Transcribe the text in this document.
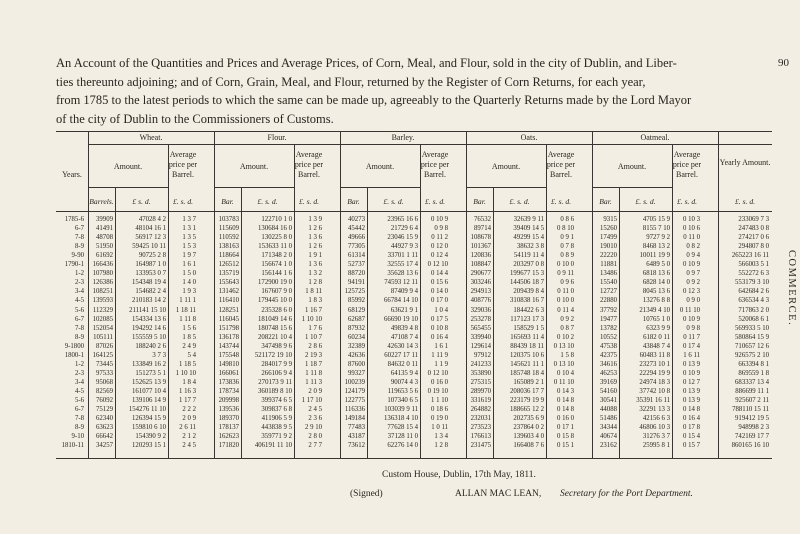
90
COMMERCE.
An Account of the Quantities and Prices and Average Prices, of Corn, Meal, and Flour, sold in the city of Dublin, and Liber-
ties thereunto adjoining; and of Corn, Grain, Meal, and Flour, returned by the Register of Corn Returns, for each year,
from 1785 to the latest periods to which the same can be made up, agreeably to the Quarterly Returns made by the Lord Mayor
of the city of Dublin to the Commissioners of Customs.
Years.
Wheat.
Amount.
Average price per Barrel.
Barrels.	£ s. d.	£. s. d.
Flour.
Amount.
Average price per Barrel.
Bar.	£. s. d.	£. s. d.
Barley.
Amount.
Average price per Barrel.
Bar.	£. s. d.	£. s. d.
Oats.
Amount.
Average price per Barrel.
Bar.	£. s. d.	£. s. d.
Oatmeal.
Amount.
Average price per Barrel.
Bar.	£. s. d.	£. s. d.
Yearly Amount.
£. s. d.
1785-6	39909	47028 4 2	1 3 7	103783	122710 1 0	1 3 9	40273	23965 16 6	0 10 9	76532	32639 9 11	0 8 6	9315	4705 15 9	0 10 3	233069 7 3
6-7	41491	48104 16 1	1 3 1	115609	130684 16 0	1 2 6	45442	21729 6 4	0 9 8	89714	39409 14 5	0 8 10	15260	8155 7 10	0 10 6	247483 0 8
7-8	48708	56917 12 3	1 3 5	110592	130225 8 0	1 3 6	49666	23046 15 9	0 11 2	108678	49299 15 4	0 9 1	17499	9727 9 2	0 11 0	274217 0 6
8-9	51950	59425 10 11	1 5 3	138163	153633 11 0	1 2 6	77305	44927 9 3	0 12 0	101367	38632 3 8	0 7 8	19010	8468 13 2	0 8 2	294807 8 0
9-90	61692	90725 2 8	1 9 7	118664	171348 2 0	1 9 1	61314	33701 1 11	0 12 4	120836	54119 11 4	0 8 9	22220	10011 19 9	0 9 4	265223 16 11
1790-1	166436	164987 1 0	1 6 1	126512	156674 1 0	1 3 6	52737	32555 17 4	0 12 10	108847	203297 0 8	0 10 0	11881	6489 5 0	0 10 9	566003 5 1
1-2	107980	133953 0 7	1 5 0	135719	156144 1 6	1 3 2	88720	35628 13 6	0 14 4	290677	199677 15 3	0 9 11	13486	6818 13 6	0 9 7	552272 6 3
2-3	126386	154348 19 4	1 4 0	155643	172900 19 0	1 2 8	94191	74593 12 11	0 15 6	303246	144506 18 7	0 9 6	15540	6828 14 0	0 9 2	553179 3 10
3-4	108251	154682 2 4	1 9 3	131462	167607 9 0	1 8 11	125725	87409 9 4	0 14 0	294913	209439 8 4	0 11 0	12727	8045 13 6	0 12 3	642684 2 6
4-5	139593	210183 14 2	1 11 1	116410	179445 10 0	1 8 3	85992	66784 14 10	0 17 0	408776	310838 16 7	0 10 0	22880	13276 8 8	0 9 0	636534 4 3
5-6	112329	211141 15 10	1 18 11	128251	235328 6 0	1 16 7	68129	63621 9 1	1 0 4	329036	184422 6 3	0 11 4	37792	21349 4 10	0 11 10	717863 2 0
6-7	102085	154334 13 6	1 11 8	116045	181049 14 6	1 10 10	62687	66690 19 10	0 17 5	253278	117123 17 3	0 9 2	19477	10765 1 0	0 10 9	520068 6 1
7-8	152054	194292 14 6	1 5 6	151798	180748 15 6	1 7 6	87932	49839 4 8	0 10 8	565455	158529 1 5	0 8 7	13782	6323 9 9	0 9 8	569933 5 10
8-9	105111	155559 5 10	1 8 5	136178	208221 10 4	1 10 7	60234	47108 7 4	0 16 4	339940	165693 11 4	0 10 2	10552	6182 0 11	0 11 7	580864 15 9
9-1800	87026	188240 2 6	2 4 9	143744	347498 9 6	2 8 6	32389	42630 14 3	1 6 1	129614	88439 18 11	0 13 10	47538	43848 7 4	0 17 4	710657 12 6
1800-1	164125	3 7 3	5 4	175548	521172 19 10	2 19 3	42636	60227 17 11	1 11 9	97912	120375 10 6	1 5 8	42375	60483 11 8	1 6 11	926575 2 10
1-2	73445	133849 16 2	1 18 5	149810	284017 9 9	1 18 7	87600	84632 0 11	1 1 9	241233	145621 11 1	0 13 10	34616	23273 10 1	0 13 9	663394 8 1
2-3	97533	151273 5 1	1 10 10	166061	266106 9 4	1 11 8	99327	64135 9 4	0 12 10	353890	185748 18 4	0 10 4	46253	22294 19 9	0 10 9	869559 1 8
3-4	95068	152625 13 9	1 8 4	173836	270173 9 11	1 11 3	100239	90074 4 3	0 16 0	275315	165089 2 1	0 11 10	39169	24974 18 3	0 12 7	683337 13 4
4-5	82569	161077 10 4	1 16 3	178734	360189 8 10	2 0 9	124179	119653 5 6	0 19 10	289970	208036 17 7	0 14 3	54160	37742 10 8	0 13 9	886699 11 1
5-6	76092	139106 14 9	1 17 7	209998	399374 6 5	1 17 10	122775	107340 6 5	1 1 10	331619	223179 19 9	0 14 8	30541	35391 16 11	0 13 9	925607 2 11
6-7	75129	154276 11 10	2 2 2	139536	309837 6 8	2 4 5	116336	103039 9 11	0 18 6	264882	188665 12 2	0 14 8	44088	32291 13 3	0 14 8	788110 15 11
7-8	62340	126394 15 9	2 0 9	189370	411906 5 9	2 3 6	149184	136318 4 10	0 19 0	232031	202735 6 9	0 16 0	51486	42156 6 3	0 16 4	919412 19 5
8-9	63623	159810 6 10	2 6 11	178137	443838 9 5	2 9 10	77483	77628 15 4	1 0 11	273523	237864 0 2	0 17 1	34344	46806 10 3	0 17 8	948998 2 3
9-10	66642	154390 9 2	2 1 2	162623	359771 9 2	2 8 0	43187	37128 11 0	1 3 4	176613	139603 4 0	0 15 8	40674	31276 3 7	0 15 4	742169 17 7
1810-11	34257	120293 15 1	2 4 5	171820	406191 11 10	2 7 7	73612	62276 14 0	1 2 8	231475	166408 7 6	0 15 1	23162	25995 8 1	0 15 7	860165 16 10
Custom House, Dublin, 17th May, 1811.
(Signed)	ALLAN MAC LEAN, Secretary for the Port Department.
